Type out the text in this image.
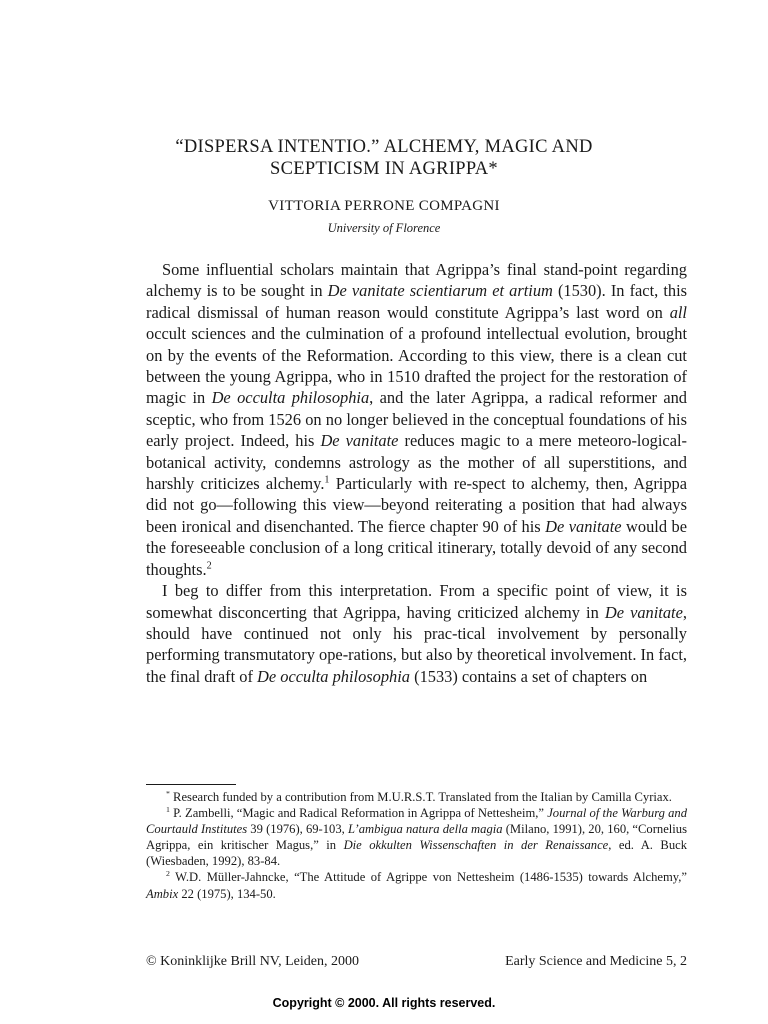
“DISPERSA INTENTIO.” ALCHEMY, MAGIC AND
SCEPTICISM IN AGRIPPA*
VITTORIA PERRONE COMPAGNI
University of Florence

Some influential scholars maintain that Agrippa’s final stand-point regarding alchemy is to be sought in De vanitate scientiarum et artium (1530). In fact, this radical dismissal of human reason would constitute Agrippa’s last word on all occult sciences and the culmination of a profound intellectual evolution, brought on by the events of the Reformation. According to this view, there is a clean cut between the young Agrippa, who in 1510 drafted the project for the restoration of magic in De occulta philosophia, and the later Agrippa, a radical reformer and sceptic, who from 1526 on no longer believed in the conceptual foundations of his early project. Indeed, his De vanitate reduces magic to a mere meteoro-logical-botanical activity, condemns astrology as the mother of all superstitions, and harshly criticizes alchemy.$^1$ Particularly with re-spect to alchemy, then, Agrippa did not go—following this view—beyond reiterating a position that had always been ironical and disenchanted. The fierce chapter 90 of his De vanitate would be the foreseeable conclusion of a long critical itinerary, totally devoid of any second thoughts.$^2$

I beg to differ from this interpretation. From a specific point of view, it is somewhat disconcerting that Agrippa, having criticized alchemy in De vanitate, should have continued not only his prac-tical involvement by personally performing transmutatory ope-rations, but also by theoretical involvement. In fact, the final draft of De occulta philosophia (1533) contains a set of chapters on

* Research funded by a contribution from M.U.R.S.T. Translated from the Italian by Camilla Cyriax.

$^1$ P. Zambelli, “Magic and Radical Reformation in Agrippa of Nettesheim,” Journal of the Warburg and Courtauld Institutes 39 (1976), 69-103, L’ambigua natura della magia (Milano, 1991), 20, 160, “Cornelius Agrippa, ein kritischer Magus,” in Die okkulten Wissenschaften in der Renaissance, ed. A. Buck (Wiesbaden, 1992), 83-84.

$^2$ W.D. Müller-Jahncke, “The Attitude of Agrippe von Nettesheim (1486-1535) towards Alchemy,” Ambix 22 (1975), 134-50.

© Koninklijke Brill NV, Leiden, 2000	Early Science and Medicine 5, 2
Copyright © 2000. All rights reserved.
